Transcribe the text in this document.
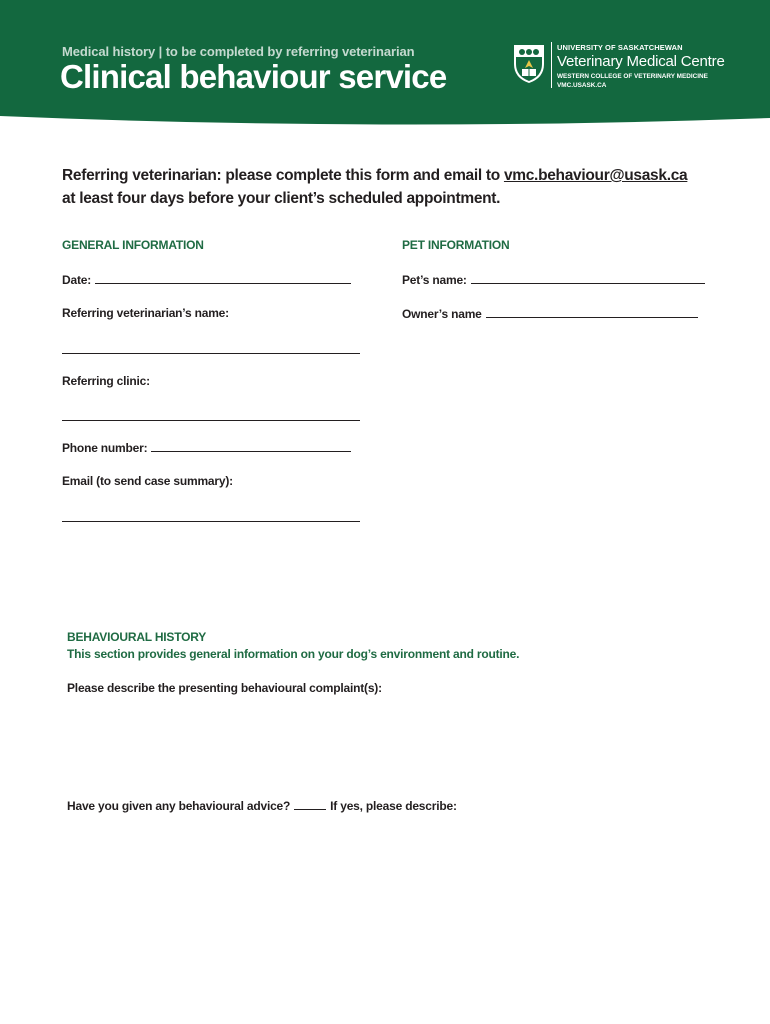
Medical history | to be completed by referring veterinarian
Clinical behaviour service
UNIVERSITY OF SASKATCHEWAN
Veterinary Medical Centre
WESTERN COLLEGE OF VETERINARY MEDICINE
VMC.USASK.CA
Referring veterinarian: please complete this form and email to vmc.behaviour@usask.ca
at least four days before your client’s scheduled appointment.
GENERAL INFORMATION
Date:
Referring veterinarian’s name:
Referring clinic:
Phone number:
Email (to send case summary):
PET INFORMATION
Pet’s name:
Owner’s name
BEHAVIOURAL HISTORY
This section provides general information on your dog’s environment and routine.
Please describe the presenting behavioural complaint(s):
Have you given any behavioural advice?	If yes, please describe:
